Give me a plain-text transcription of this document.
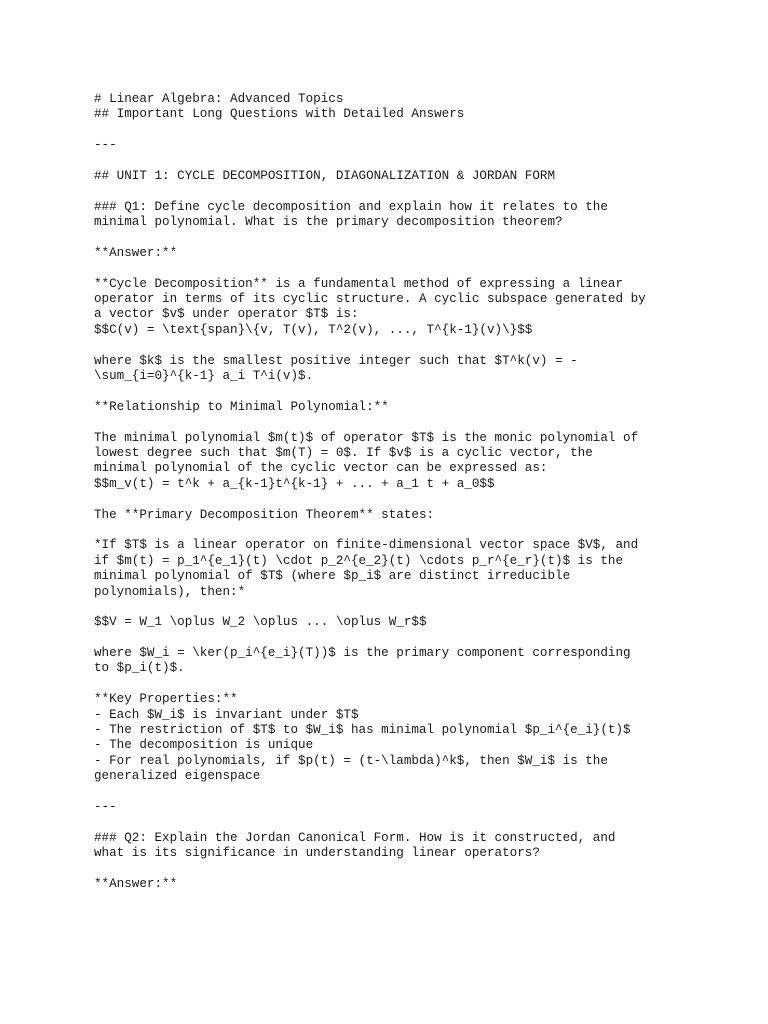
# Linear Algebra: Advanced Topics
## Important Long Questions with Detailed Answers
---
## UNIT 1: CYCLE DECOMPOSITION, DIAGONALIZATION & JORDAN FORM
### Q1: Define cycle decomposition and explain how it relates to the
minimal polynomial. What is the primary decomposition theorem?
**Answer:**
**Cycle Decomposition** is a fundamental method of expressing a linear
operator in terms of its cyclic structure. A cyclic subspace generated by
a vector $v$ under operator $T$ is:
$$C(v) = \text{span}\{v, T(v), T^2(v), ..., T^{k-1}(v)\}$$
where $k$ is the smallest positive integer such that $T^k(v) = -
\sum_{i=0}^{k-1} a_i T^i(v)$.
**Relationship to Minimal Polynomial:**
The minimal polynomial $m(t)$ of operator $T$ is the monic polynomial of
lowest degree such that $m(T) = 0$. If $v$ is a cyclic vector, the
minimal polynomial of the cyclic vector can be expressed as:
$$m_v(t) = t^k + a_{k-1}t^{k-1} + ... + a_1 t + a_0$$
The **Primary Decomposition Theorem** states:
*If $T$ is a linear operator on finite-dimensional vector space $V$, and
if $m(t) = p_1^{e_1}(t) \cdot p_2^{e_2}(t) \cdots p_r^{e_r}(t)$ is the
minimal polynomial of $T$ (where $p_i$ are distinct irreducible
polynomials), then:*
$$V = W_1 \oplus W_2 \oplus ... \oplus W_r$$
where $W_i = \ker(p_i^{e_i}(T))$ is the primary component corresponding
to $p_i(t)$.
**Key Properties:**
- Each $W_i$ is invariant under $T$
- The restriction of $T$ to $W_i$ has minimal polynomial $p_i^{e_i}(t)$
- The decomposition is unique
- For real polynomials, if $p(t) = (t-\lambda)^k$, then $W_i$ is the
generalized eigenspace
---
### Q2: Explain the Jordan Canonical Form. How is it constructed, and
what is its significance in understanding linear operators?
**Answer:**
